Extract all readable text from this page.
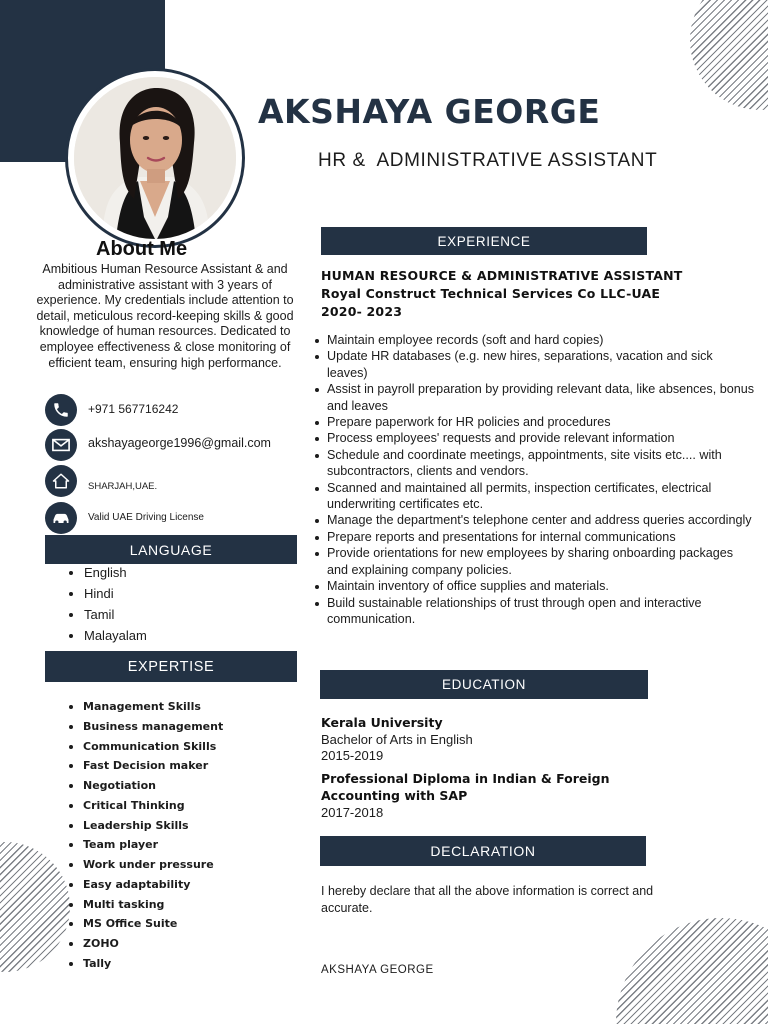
AKSHAYA GEORGE
HR &  ADMINISTRATIVE ASSISTANT
About Me
Ambitious Human Resource Assistant & and administrative assistant with 3 years of experience. My credentials include attention to detail, meticulous record-keeping skills & good knowledge of human resources. Dedicated to employee effectiveness & close monitoring of efficient team, ensuring high performance.
+971 567716242
akshayageorge1996@gmail.com
SHARJAH,UAE.
Valid UAE Driving License
LANGUAGE
English
Hindi
Tamil
Malayalam
EXPERTISE
Management Skills
Business management
Communication Skills
Fast Decision maker
Negotiation
Critical Thinking
Leadership Skills
Team player
Work under pressure
Easy adaptability
Multi tasking
MS Office Suite
ZOHO
Tally
EXPERIENCE
HUMAN RESOURCE & ADMINISTRATIVE ASSISTANT
Royal Construct Technical Services Co LLC-UAE
2020- 2023
Maintain employee records (soft and hard copies)
Update HR databases (e.g. new hires, separations, vacation and sick leaves)
Assist in payroll preparation by providing relevant data, like absences, bonus and leaves
Prepare paperwork for HR policies and procedures
Process employees' requests and provide relevant information
Schedule and coordinate meetings, appointments, site visits etc.... with subcontractors, clients and vendors.
Scanned and maintained all permits, inspection certificates, electrical underwriting certificates etc.
Manage the department's telephone center and address queries accordingly
Prepare reports and presentations for internal communications
Provide orientations for new employees by sharing onboarding packages and explaining company policies.
Maintain inventory of office supplies and materials.
Build sustainable relationships of trust through open and interactive communication.
EDUCATION
Kerala University
Bachelor of Arts in English
2015-2019
Professional Diploma in Indian & Foreign Accounting with SAP
2017-2018
DECLARATION
I hereby declare that all the above information is correct and accurate.
AKSHAYA GEORGE
